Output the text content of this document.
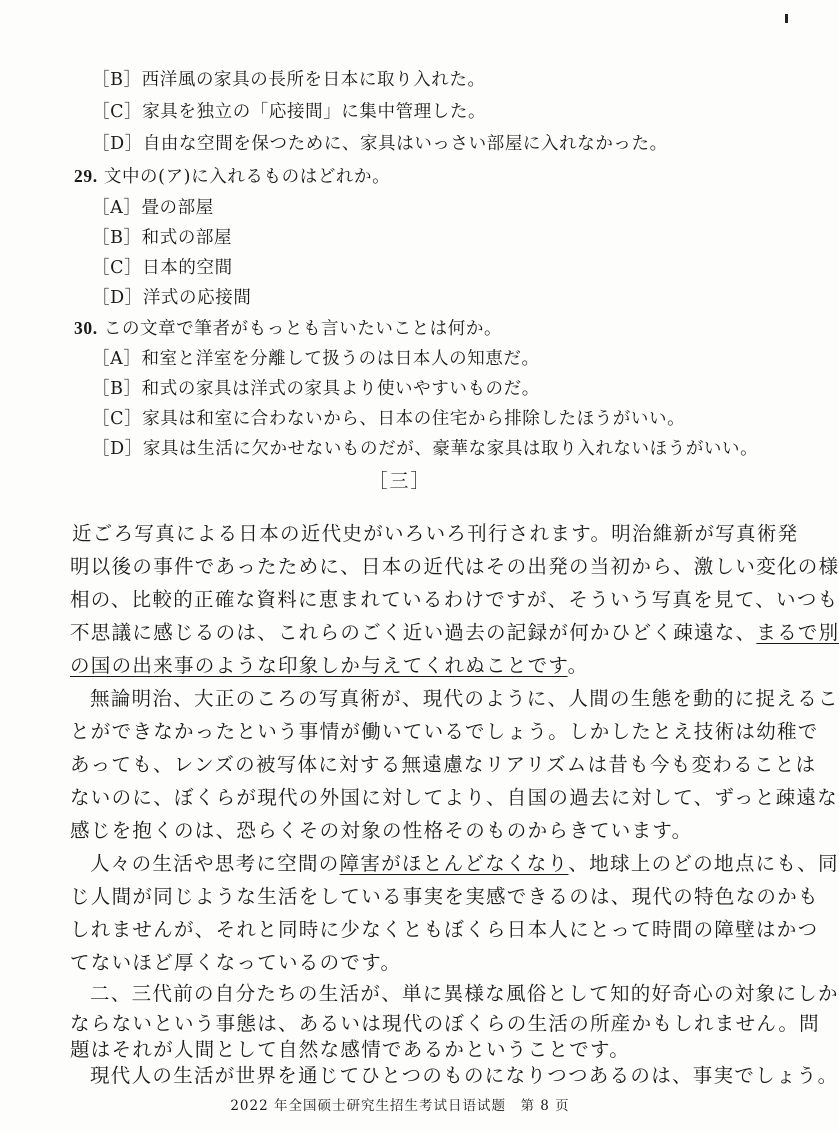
［B］西洋風の家具の長所を日本に取り入れた。
［C］家具を独立の「応接間」に集中管理した。
［D］自由な空間を保つために、家具はいっさい部屋に入れなかった。
29. 文中の(ア)に入れるものはどれか。
［A］畳の部屋
［B］和式の部屋
［C］日本的空間
［D］洋式の応接間
30. この文章で筆者がもっとも言いたいことは何か。
［A］和室と洋室を分離して扱うのは日本人の知恵だ。
［B］和式の家具は洋式の家具より使いやすいものだ。
［C］家具は和室に合わないから、日本の住宅から排除したほうがいい。
［D］家具は生活に欠かせないものだが、豪華な家具は取り入れないほうがいい。
［三］
近ごろ写真による日本の近代史がいろいろ刊行されます。明治維新が写真術発
明以後の事件であったために、日本の近代はその出発の当初から、激しい変化の様
相の、比較的正確な資料に恵まれているわけですが、そういう写真を見て、いつも
不思議に感じるのは、これらのごく近い過去の記録が何かひどく疎遠な、まるで別
の国の出来事のような印象しか与えてくれぬことです。
無論明治、大正のころの写真術が、現代のように、人間の生態を動的に捉えるこ
とができなかったという事情が働いているでしょう。しかしたとえ技術は幼稚で
あっても、レンズの被写体に対する無遠慮なリアリズムは昔も今も変わることは
ないのに、ぼくらが現代の外国に対してより、自国の過去に対して、ずっと疎遠な
感じを抱くのは、恐らくその対象の性格そのものからきています。
人々の生活や思考に空間の障害がほとんどなくなり、地球上のどの地点にも、同
じ人間が同じような生活をしている事実を実感できるのは、現代の特色なのかも
しれませんが、それと同時に少なくともぼくら日本人にとって時間の障壁はかつ
てないほど厚くなっているのです。
二、三代前の自分たちの生活が、単に異様な風俗として知的好奇心の対象にしか
ならないという事態は、あるいは現代のぼくらの生活の所産かもしれません。問
2022 年全国硕士研究生招生考试日语试题　第 8 页
題はそれが人間として自然な感情であるかということです。
現代人の生活が世界を通じてひとつのものになりつつあるのは、事実でしょう。
